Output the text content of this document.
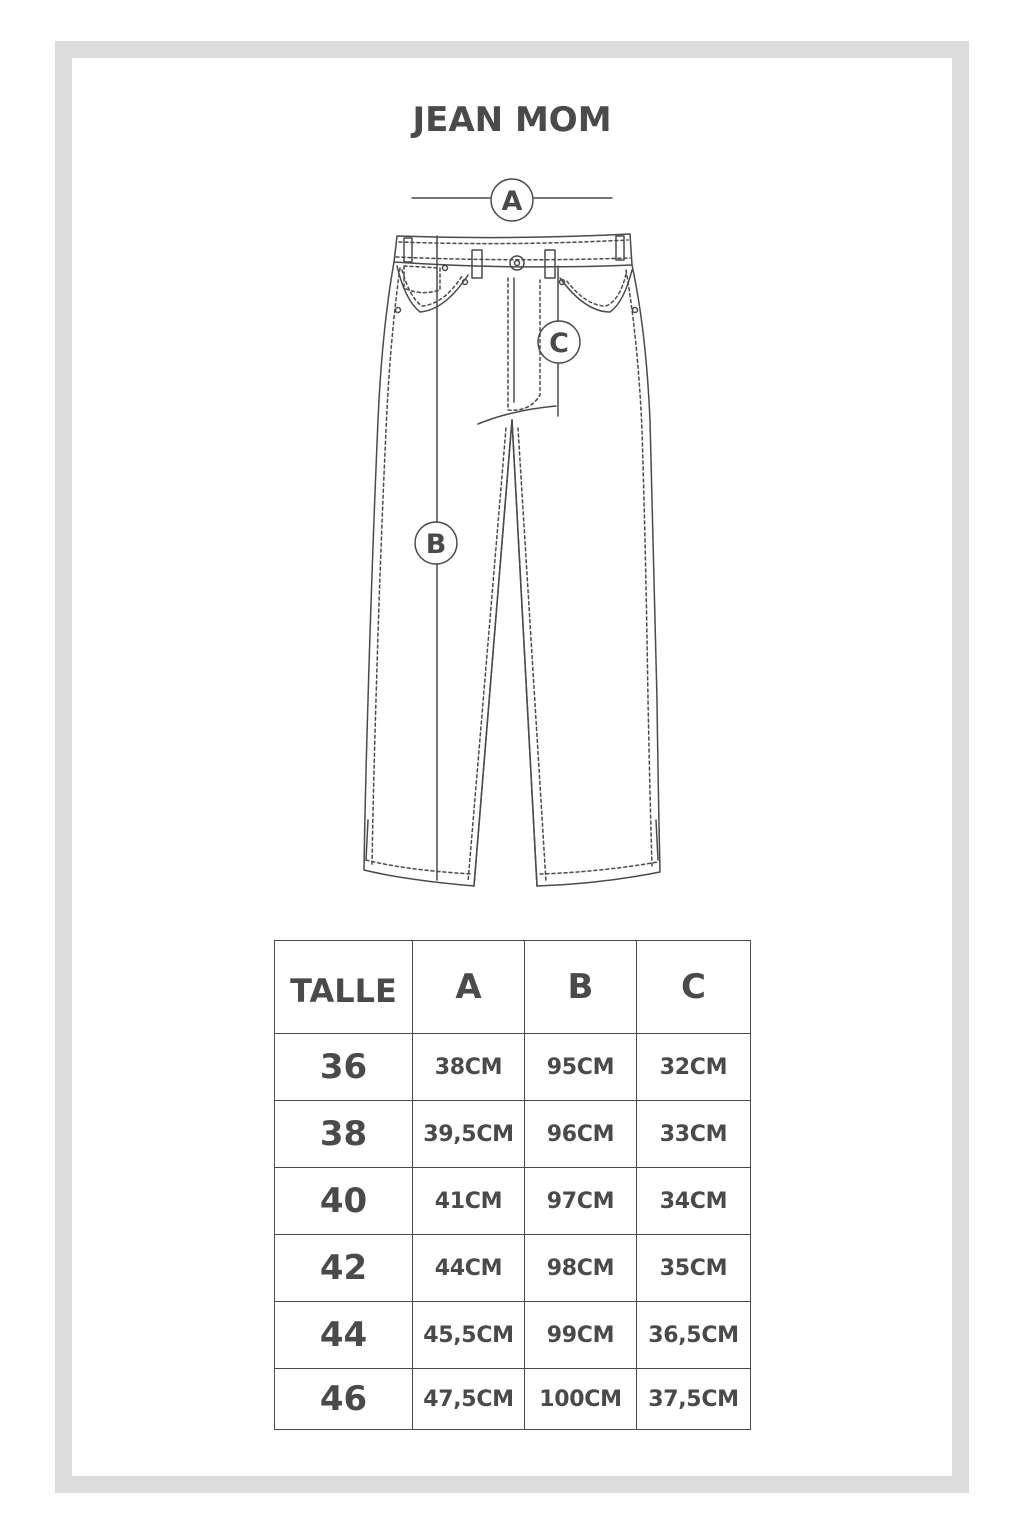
JEAN MOM
A
B
C
TALLE	A	B	C
36	38CM	95CM	32CM
38	39,5CM	96CM	33CM
40	41CM	97CM	34CM
42	44CM	98CM	35CM
44	45,5CM	99CM	36,5CM
46	47,5CM	100CM	37,5CM
